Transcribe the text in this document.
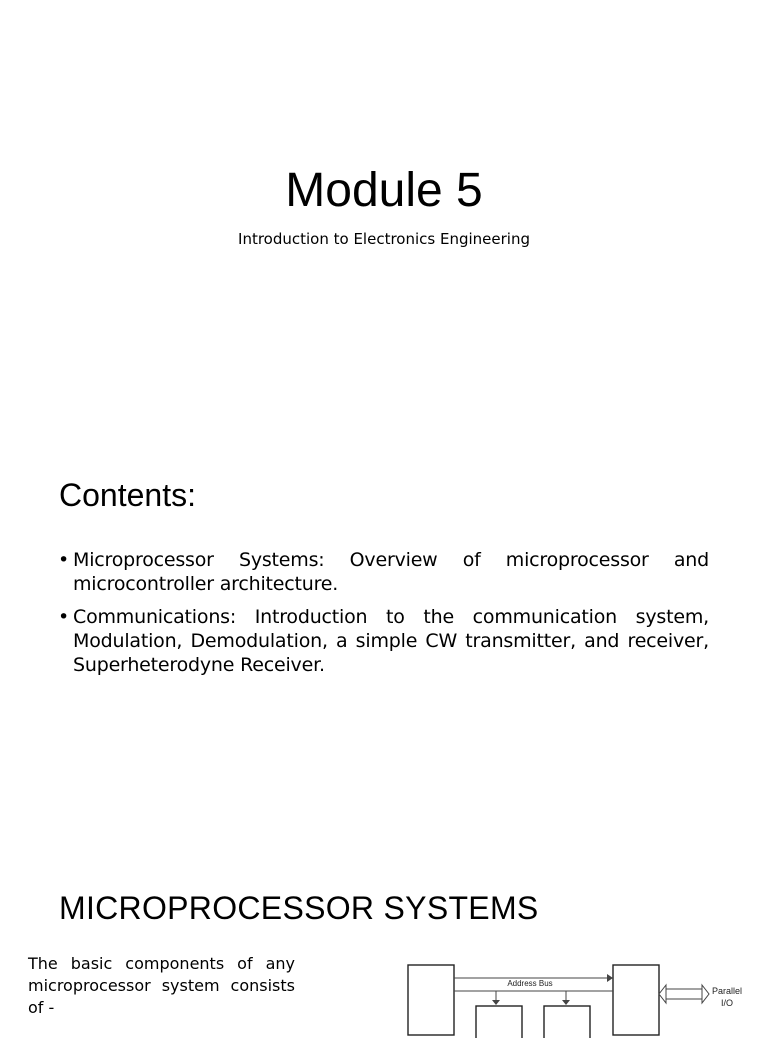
Module 5
Introduction to Electronics Engineering
Contents:
• Microprocessor Systems: Overview of microprocessor and microcontroller architecture.
• Communications: Introduction to the communication system, Modulation, Demodulation, a simple CW transmitter, and receiver, Superheterodyne Receiver.
MICROPROCESSOR SYSTEMS
The basic components of any microprocessor system consists of -
Address Bus
Parallel
I/O
